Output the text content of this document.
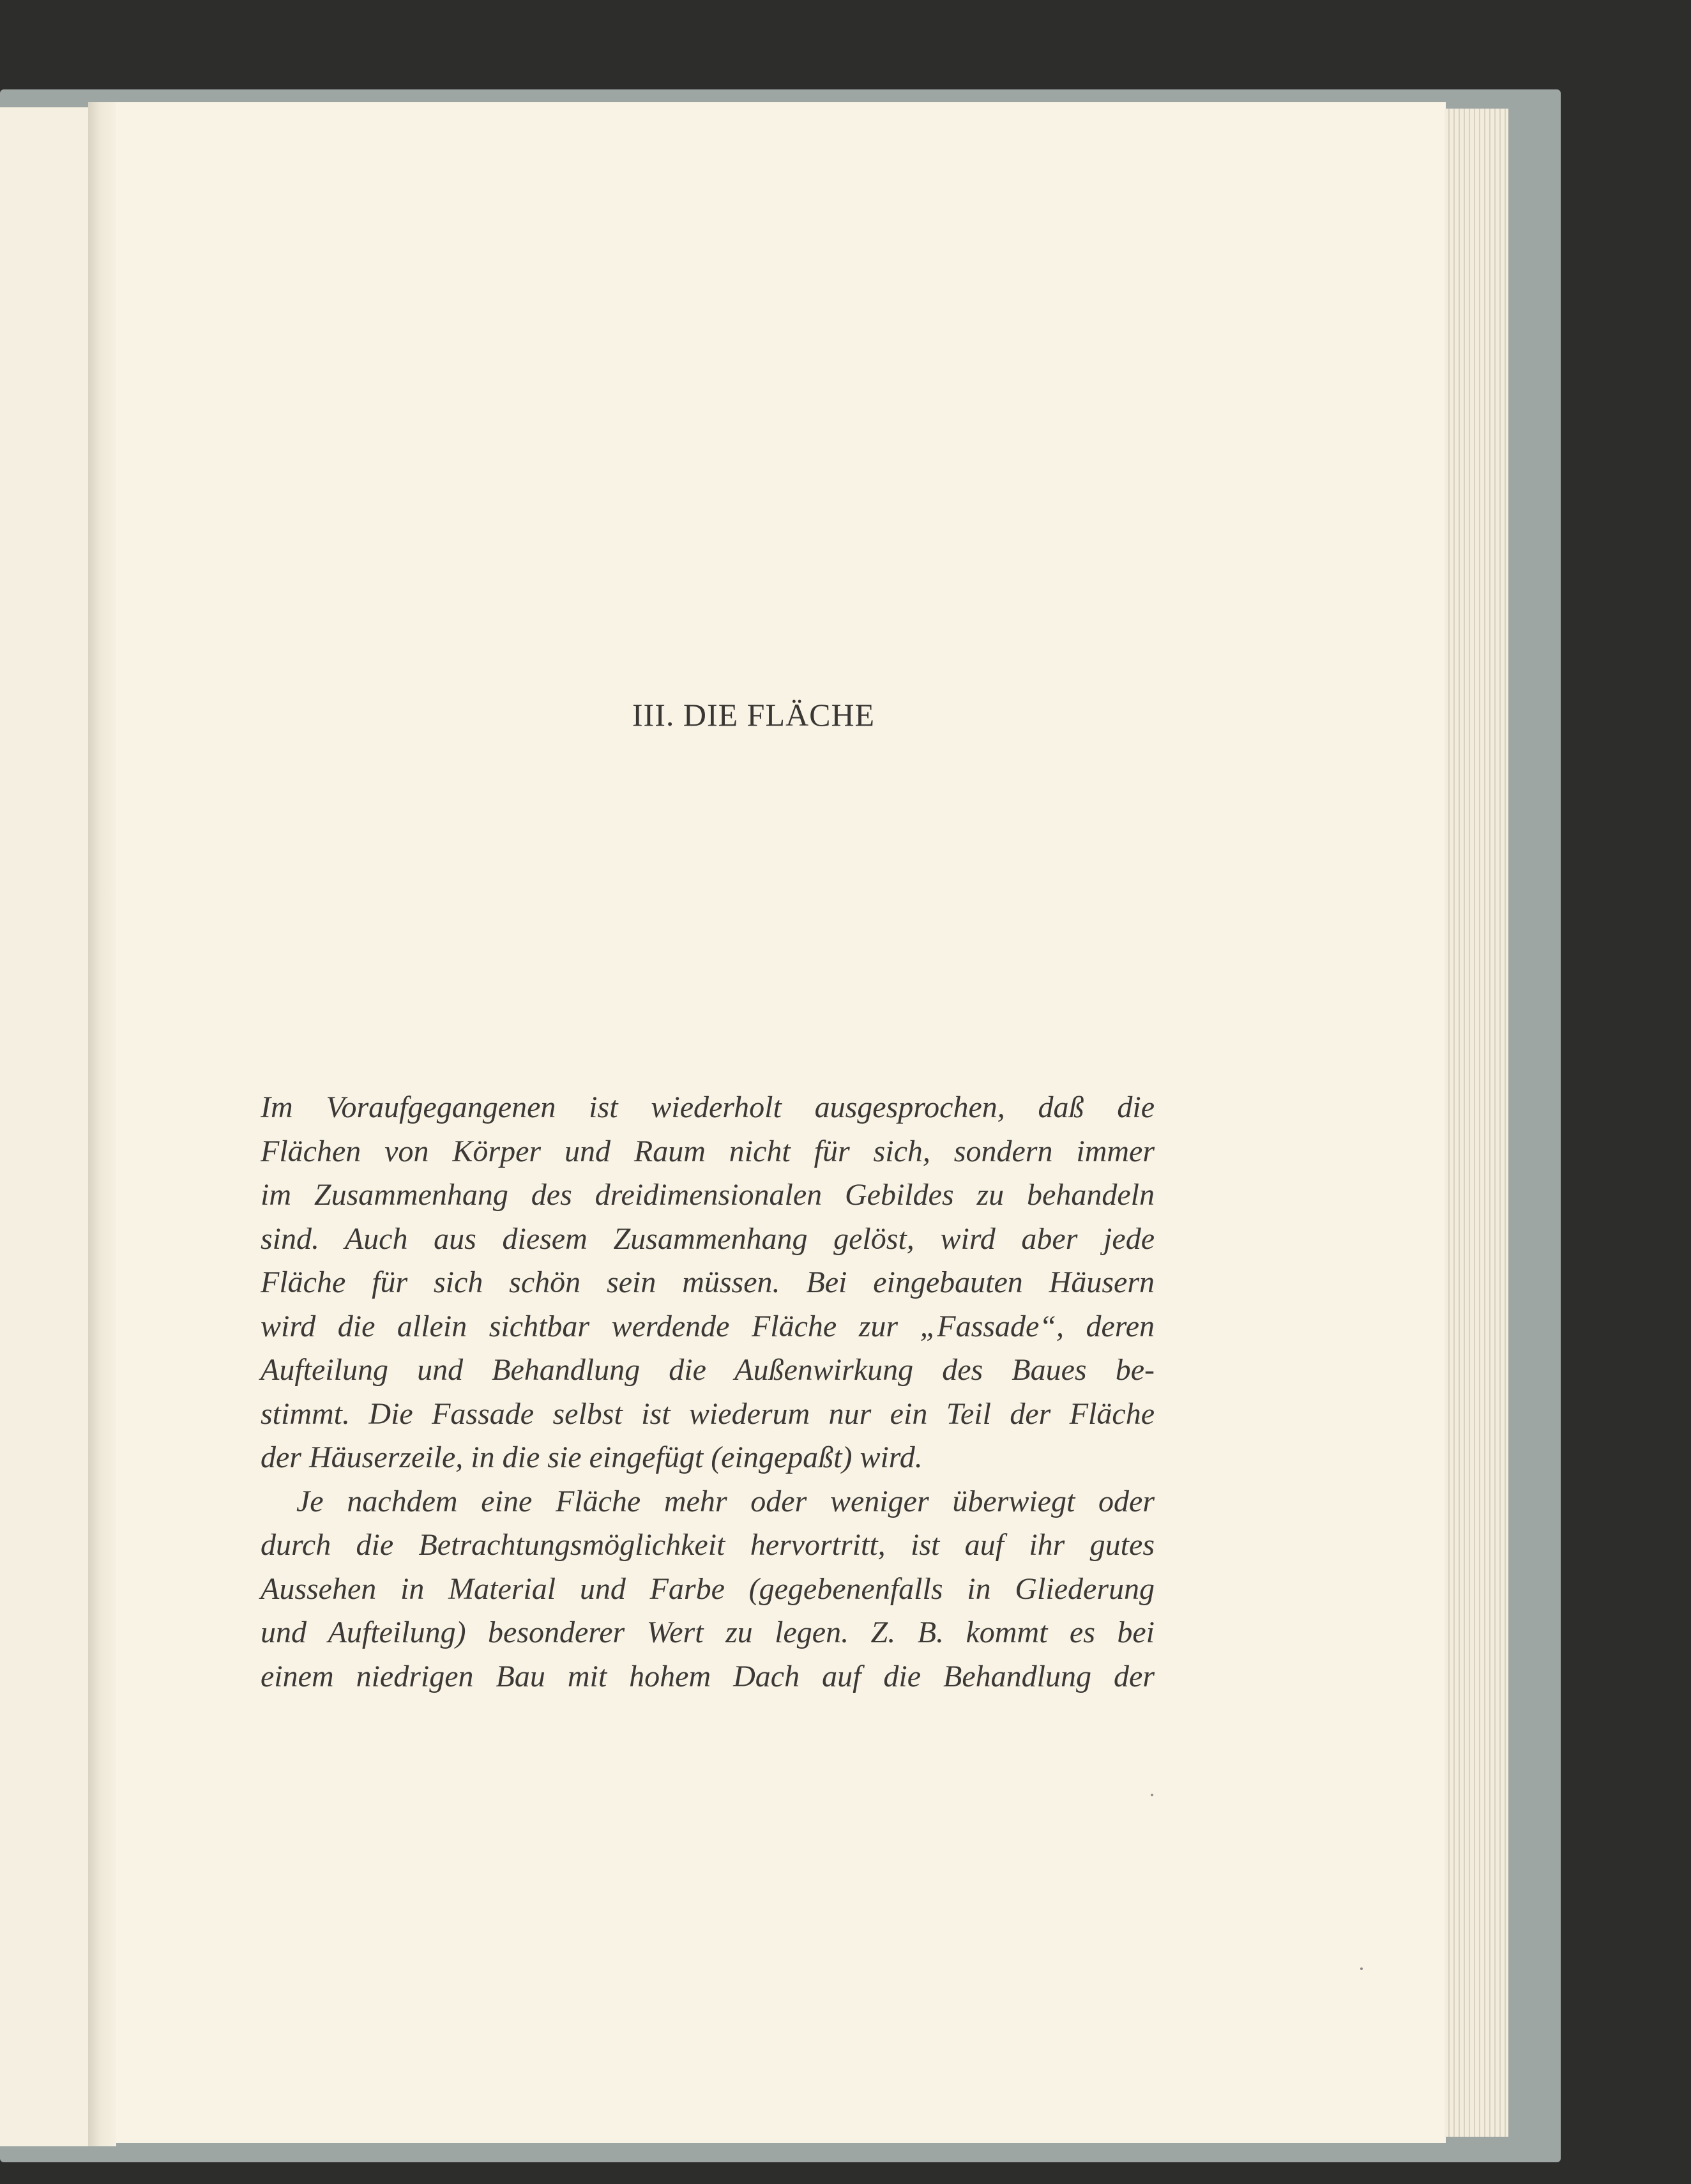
III. DIE FLÄCHE

Im Voraufgegangenen ist wiederholt ausgesprochen, daß die
Flächen von Körper und Raum nicht für sich, sondern immer
im Zusammenhang des dreidimensionalen Gebildes zu behandeln
sind. Auch aus diesem Zusammenhang gelöst, wird aber jede
Fläche für sich schön sein müssen. Bei eingebauten Häusern
wird die allein sichtbar werdende Fläche zur „Fassade“, deren
Aufteilung und Behandlung die Außenwirkung des Baues be-
stimmt. Die Fassade selbst ist wiederum nur ein Teil der Fläche
der Häuserzeile, in die sie eingefügt (eingepaßt) wird.

Je nachdem eine Fläche mehr oder weniger überwiegt oder
durch die Betrachtungsmöglichkeit hervortritt, ist auf ihr gutes
Aussehen in Material und Farbe (gegebenenfalls in Gliederung
und Aufteilung) besonderer Wert zu legen. Z. B. kommt es bei
einem niedrigen Bau mit hohem Dach auf die Behandlung der
